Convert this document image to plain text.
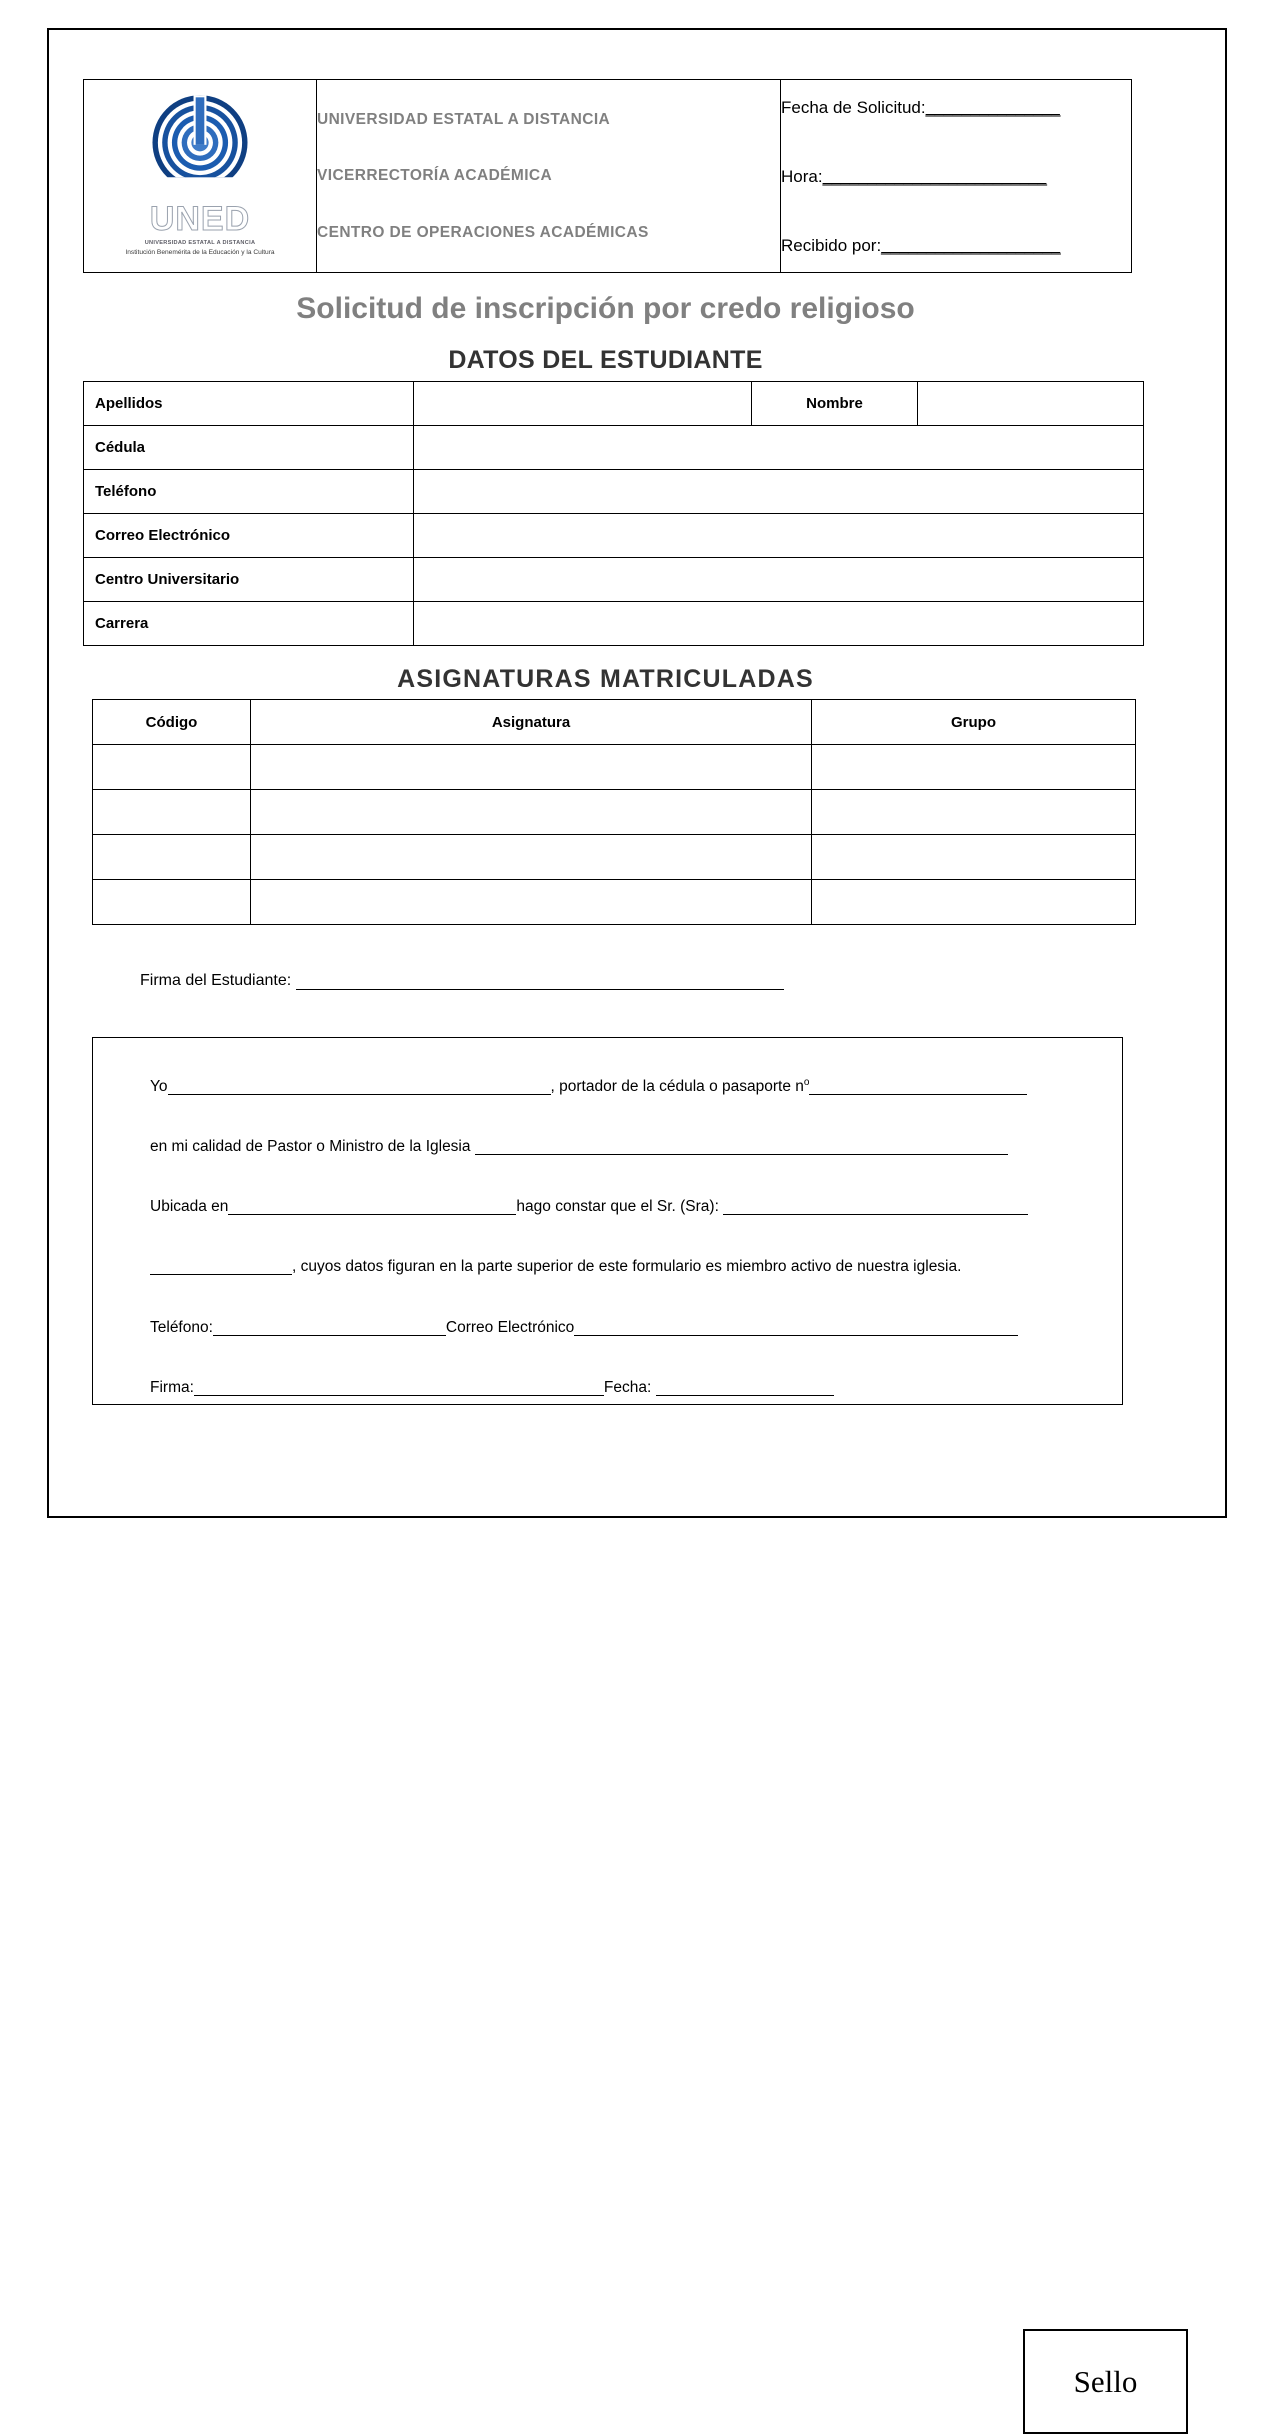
UNED
UNIVERSIDAD ESTATAL A DISTANCIA
Institución Benemérita de la Educación y la Cultura

UNIVERSIDAD ESTATAL A DISTANCIA

VICERRECTORÍA ACADÉMICA

CENTRO DE OPERACIONES ACADÉMICAS

Fecha de Solicitud:_______________

Hora:_________________________

Recibido por:____________________

Solicitud de inscripción por credo religioso
DATOS DEL ESTUDIANTE
Apellidos		Nombre	
Cédula			
Teléfono			
Correo Electrónico			
Centro Universitario			
Carrera			
ASIGNATURAS MATRICULADAS
Código	Asignatura	Grupo

Firma del Estudiante:
Yo	, portador de la cédula o pasaporte $n^o$
en mi calidad de Pastor o Ministro de la Iglesia
Ubicada en	hago constar que el Sr. (Sra):
, cuyos datos figuran en la parte superior de este formulario es miembro activo de nuestra iglesia.
Teléfono:	Correo Electrónico
Firma:	Fecha:
Sello
